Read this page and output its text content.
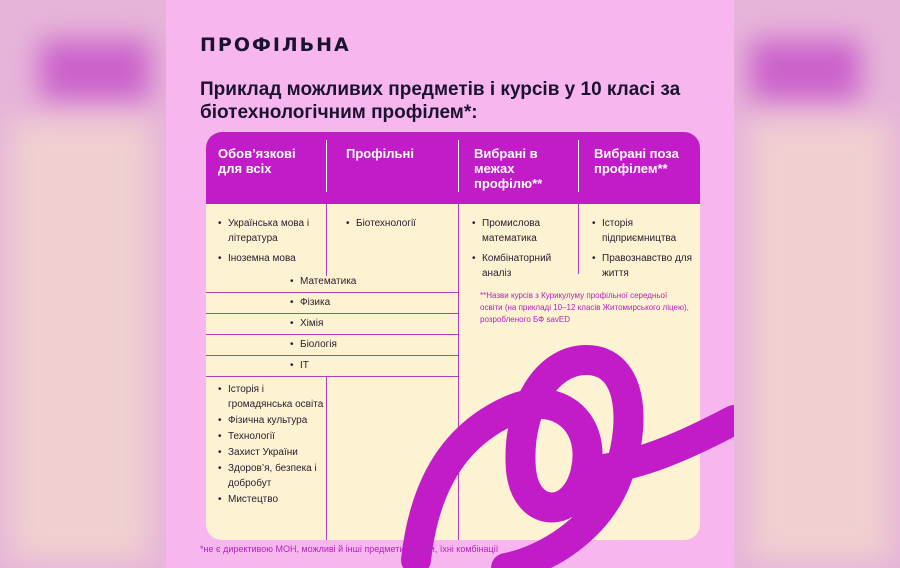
ПРОФІЛЬНА
Приклад можливих предметів і курсів у 10 класі за біотехнологічним профілем*:
Обов’язкові для всіх
Профільні	Вибрані в межах профілю**
Вибрані поза профілем**
• Українська мова і література
• Іноземна мова
• Біотехнології
•	Промислова математика
• Комбінаторний аналіз
• Історія підприємництва
• Правознавство для життя
• Математика
• Фізика
• Хімія
• Біологія
• ІТ
• Історія і громадянська освіта
• Фізична культура
• Технології
• Захист України
• Здоров’я, безпека і добробут
• Мистецтво
**Назви курсів з Курикулуму профільної середньої освіти (на прикладі 10–12 класів Житомирського ліцею), розробленого БФ savED
*не є директивою МОН, можливі й інші предмети / курси, їхні комбінації
